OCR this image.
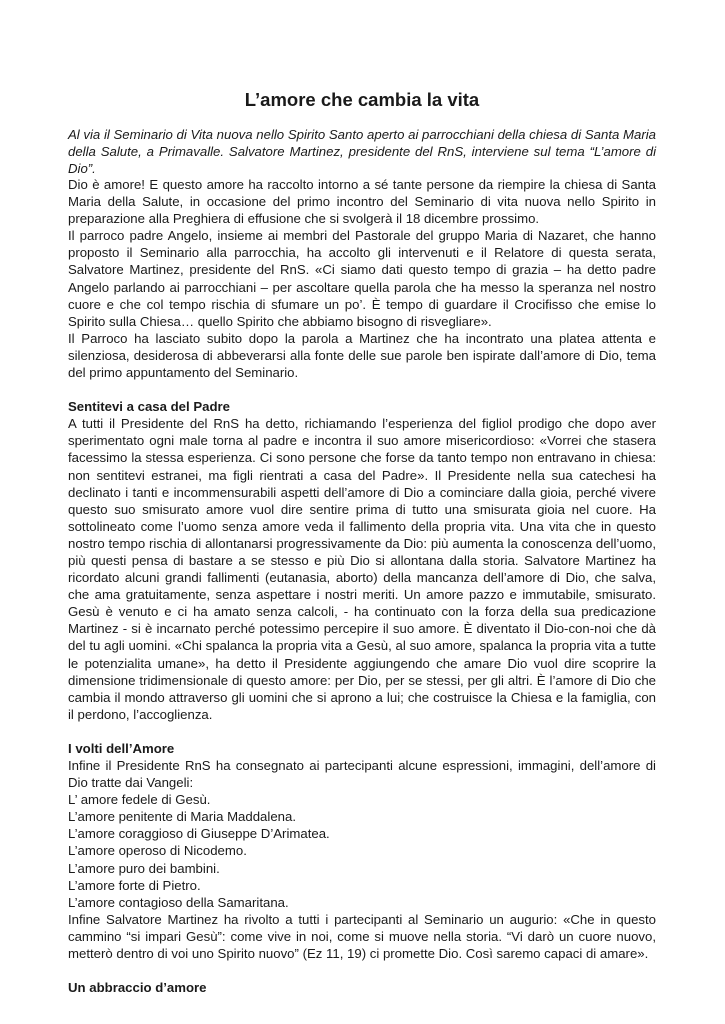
L’amore che cambia la vita

Al via il Seminario di Vita nuova nello Spirito Santo aperto ai parrocchiani della chiesa di Santa Maria della Salute, a Primavalle. Salvatore Martinez, presidente del RnS, interviene sul tema “L’amore di Dio”.

Dio è amore! E questo amore ha raccolto intorno a sé tante persone da riempire la chiesa di Santa Maria della Salute, in occasione del primo incontro del Seminario di vita nuova nello Spirito in preparazione alla Preghiera di effusione che si svolgerà il 18 dicembre prossimo.

Il parroco padre Angelo, insieme ai membri del Pastorale del gruppo Maria di Nazaret, che hanno proposto il Seminario alla parrocchia, ha accolto gli intervenuti e il Relatore di questa serata, Salvatore Martinez, presidente del RnS. «Ci siamo dati questo tempo di grazia – ha detto padre Angelo parlando ai parrocchiani – per ascoltare quella parola che ha messo la speranza nel nostro cuore e che col tempo rischia di sfumare un po’. È tempo di guardare il Crocifisso che emise lo Spirito sulla Chiesa… quello Spirito che abbiamo bisogno di risvegliare».

Il Parroco ha lasciato subito dopo la parola a Martinez che ha incontrato una platea attenta e silenziosa, desiderosa di abbeverarsi alla fonte delle sue parole ben ispirate dall’amore di Dio, tema del primo appuntamento del Seminario.

Sentitevi a casa del Padre

A tutti il Presidente del RnS ha detto, richiamando l’esperienza del figliol prodigo che dopo aver sperimentato ogni male torna al padre e incontra il suo amore misericordioso: «Vorrei che stasera facessimo la stessa esperienza. Ci sono persone che forse da tanto tempo non entravano in chiesa: non sentitevi estranei, ma figli rientrati a casa del Padre». Il Presidente nella sua catechesi ha declinato i tanti e incommensurabili aspetti dell’amore di Dio a cominciare dalla gioia, perché vivere questo suo smisurato amore vuol dire sentire prima di tutto una smisurata gioia nel cuore. Ha sottolineato come l’uomo senza amore veda il fallimento della propria vita. Una vita che in questo nostro tempo rischia di allontanarsi progressivamente da Dio: più aumenta la conoscenza dell’uomo, più questi pensa di bastare a se stesso e più Dio si allontana dalla storia. Salvatore Martinez ha ricordato alcuni grandi fallimenti (eutanasia, aborto) della mancanza dell’amore di Dio, che salva, che ama gratuitamente, senza aspettare i nostri meriti. Un amore pazzo e immutabile, smisurato. Gesù è venuto e ci ha amato senza calcoli, - ha continuato con la forza della sua predicazione Martinez - si è incarnato perché potessimo percepire il suo amore. È diventato il Dio-con-noi che dà del tu agli uomini. «Chi spalanca la propria vita a Gesù, al suo amore, spalanca la propria vita a tutte le potenzialita umane», ha detto il Presidente aggiungendo che amare Dio vuol dire scoprire la dimensione tridimensionale di questo amore: per Dio, per se stessi, per gli altri. È l’amore di Dio che cambia il mondo attraverso gli uomini che si aprono a lui; che costruisce la Chiesa e la famiglia, con il perdono, l’accoglienza.

I volti dell’Amore

Infine il Presidente RnS ha consegnato ai partecipanti alcune espressioni, immagini, dell’amore di Dio tratte dai Vangeli:

L’ amore fedele di Gesù.
L’amore penitente di Maria Maddalena.
L’amore coraggioso di Giuseppe D’Arimatea.
L’amore operoso di Nicodemo.
L’amore puro dei bambini.
L’amore forte di Pietro.
L’amore contagioso della Samaritana.

Infine Salvatore Martinez ha rivolto a tutti i partecipanti al Seminario un augurio: «Che in questo cammino “si impari Gesù”: come vive in noi, come si muove nella storia. “Vi darò un cuore nuovo, metterò dentro di voi uno Spirito nuovo” (Ez 11, 19) ci promette Dio. Così saremo capaci di amare».

Un abbraccio d’amore
